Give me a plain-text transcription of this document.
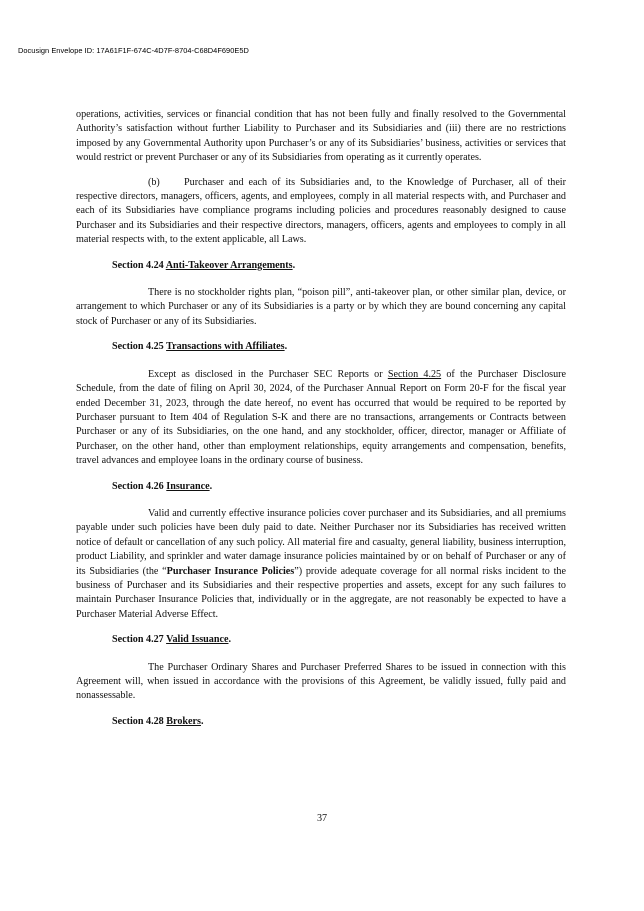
Docusign Envelope ID: 17A61F1F-674C-4D7F-8704-C68D4F690E5D

operations, activities, services or financial condition that has not been fully and finally resolved to the Governmental Authority’s satisfaction without further Liability to Purchaser and its Subsidiaries and (iii) there are no restrictions imposed by any Governmental Authority upon Purchaser’s or any of its Subsidiaries’ business, activities or services that would restrict or prevent Purchaser or any of its Subsidiaries from operating as it currently operates.

(b) Purchaser and each of its Subsidiaries and, to the Knowledge of Purchaser, all of their respective directors, managers, officers, agents, and employees, comply in all material respects with, and Purchaser and each of its Subsidiaries have compliance programs including policies and procedures reasonably designed to cause Purchaser and its Subsidiaries and their respective directors, managers, officers, agents and employees to comply in all material respects with, to the extent applicable, all Laws.

Section 4.24 Anti-Takeover Arrangements.

There is no stockholder rights plan, “poison pill”, anti-takeover plan, or other similar plan, device, or arrangement to which Purchaser or any of its Subsidiaries is a party or by which they are bound concerning any capital stock of Purchaser or any of its Subsidiaries.

Section 4.25 Transactions with Affiliates.

Except as disclosed in the Purchaser SEC Reports or Section 4.25 of the Purchaser Disclosure Schedule, from the date of filing on April 30, 2024, of the Purchaser Annual Report on Form 20-F for the fiscal year ended December 31, 2023, through the date hereof, no event has occurred that would be required to be reported by Purchaser pursuant to Item 404 of Regulation S-K and there are no transactions, arrangements or Contracts between Purchaser or any of its Subsidiaries, on the one hand, and any stockholder, officer, director, manager or Affiliate of Purchaser, on the other hand, other than employment relationships, equity arrangements and compensation, benefits, travel advances and employee loans in the ordinary course of business.

Section 4.26 Insurance.

Valid and currently effective insurance policies cover purchaser and its Subsidiaries, and all premiums payable under such policies have been duly paid to date. Neither Purchaser nor its Subsidiaries has received written notice of default or cancellation of any such policy. All material fire and casualty, general liability, business interruption, product Liability, and sprinkler and water damage insurance policies maintained by or on behalf of Purchaser or any of its Subsidiaries (the “Purchaser Insurance Policies”) provide adequate coverage for all normal risks incident to the business of Purchaser and its Subsidiaries and their respective properties and assets, except for any such failures to maintain Purchaser Insurance Policies that, individually or in the aggregate, are not reasonably be expected to have a Purchaser Material Adverse Effect.

Section 4.27 Valid Issuance.

The Purchaser Ordinary Shares and Purchaser Preferred Shares to be issued in connection with this Agreement will, when issued in accordance with the provisions of this Agreement, be validly issued, fully paid and nonassessable.

Section 4.28 Brokers.

37
